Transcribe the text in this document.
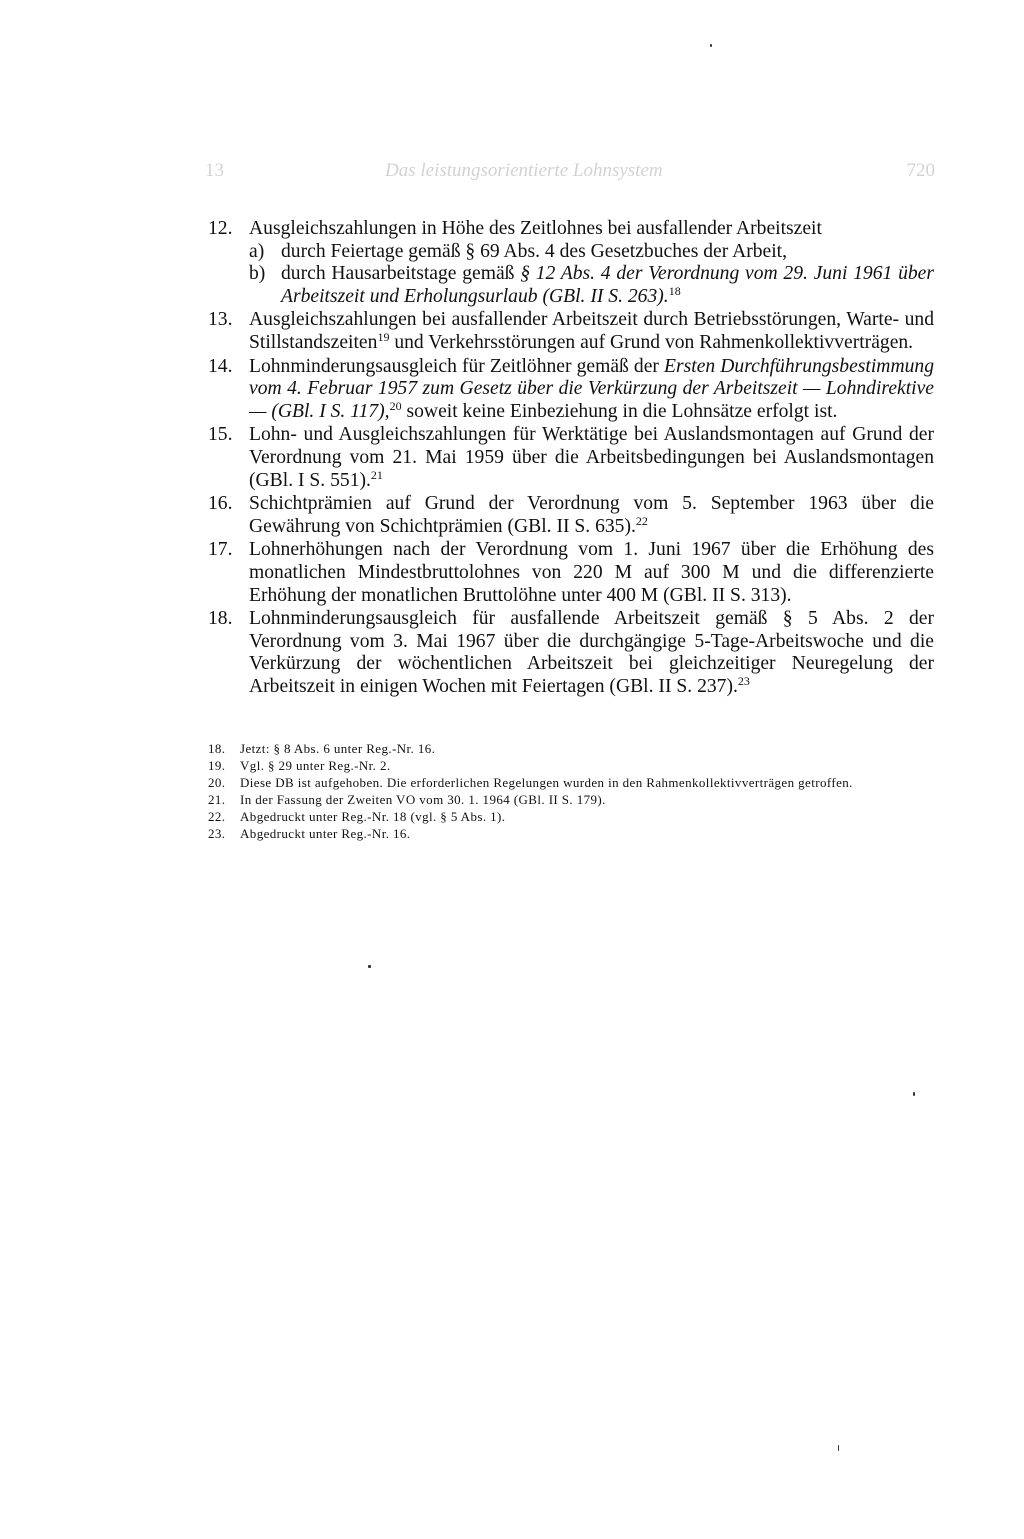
13	Das leistungsorientierte Lohnsystem	720
12. Ausgleichszahlungen in Höhe des Zeitlohnes bei ausfallender Arbeitszeit
a) durch Feiertage gemäß § 69 Abs. 4 des Gesetzbuches der Arbeit,
b) durch Hausarbeitstage gemäß § 12 Abs. 4 der Verordnung vom 29. Juni 1961 über Arbeitszeit und Erholungsurlaub (GBl. II S. 263).$^{18}$
13. Ausgleichszahlungen bei ausfallender Arbeitszeit durch Betriebsstörungen, Warte- und Stillstandszeiten$^{19}$ und Verkehrsstörungen auf Grund von Rahmenkollektivverträgen.
14. Lohnminderungsausgleich für Zeitlöhner gemäß der Ersten Durchführungsbestimmung vom 4. Februar 1957 zum Gesetz über die Verkürzung der Arbeitszeit — Lohndirektive — (GBl. I S. 117),$^{20}$ soweit keine Einbeziehung in die Lohnsätze erfolgt ist.
15. Lohn- und Ausgleichszahlungen für Werktätige bei Auslandsmontagen auf Grund der Verordnung vom 21. Mai 1959 über die Arbeitsbedingungen bei Auslandsmontagen (GBl. I S. 551).$^{21}$
16. Schichtprämien auf Grund der Verordnung vom 5. September 1963 über die Gewährung von Schichtprämien (GBl. II S. 635).$^{22}$
17. Lohnerhöhungen nach der Verordnung vom 1. Juni 1967 über die Erhöhung des monatlichen Mindestbruttolohnes von 220 M auf 300 M und die differenzierte Erhöhung der monatlichen Bruttolöhne unter 400 M (GBl. II S. 313).
18. Lohnminderungsausgleich für ausfallende Arbeitszeit gemäß § 5 Abs. 2 der Verordnung vom 3. Mai 1967 über die durchgängige 5-Tage-Arbeitswoche und die Verkürzung der wöchentlichen Arbeitszeit bei gleichzeitiger Neuregelung der Arbeitszeit in einigen Wochen mit Feiertagen (GBl. II S. 237).$^{23}$
18. Jetzt: § 8 Abs. 6 unter Reg.-Nr. 16.
19. Vgl. § 29 unter Reg.-Nr. 2.
20. Diese DB ist aufgehoben. Die erforderlichen Regelungen wurden in den Rahmenkollektivverträgen getroffen.
21. In der Fassung der Zweiten VO vom 30. 1. 1964 (GBl. II S. 179).
22. Abgedruckt unter Reg.-Nr. 18 (vgl. § 5 Abs. 1).
23. Abgedruckt unter Reg.-Nr. 16.
